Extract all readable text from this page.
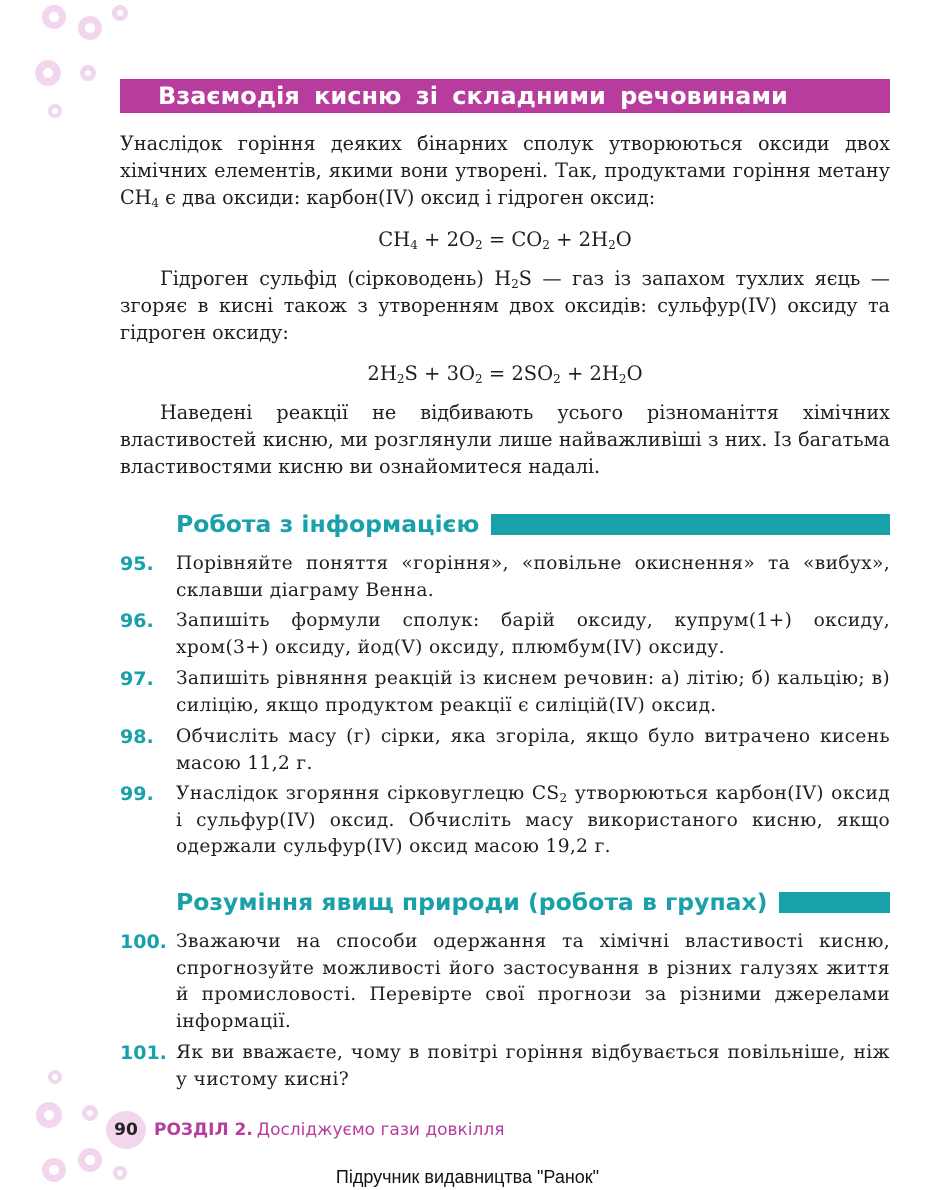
Взаємодія кисню зі складними речовинами

Унаслідок горіння деяких бінарних сполук утворюються оксиди двох хімічних елементів, якими вони утворені. Так, продуктами горіння метану $CH_4$ є два оксиди: карбон(IV) оксид і гідроген оксид:

$CH_4 + 2O_2 = CO_2 + 2H_2O$

Гідроген сульфід (сірководень) $H_2S$ — газ із запахом тухлих яєць — згоряє в кисні також з утворенням двох оксидів: сульфур(IV) оксиду та гідроген оксиду:

$2H_2S + 3O_2 = 2SO_2 + 2H_2O$

Наведені реакції не відбивають усього різноманіття хімічних властивостей кисню, ми розглянули лише найважливіші з них. Із багатьма властивостями кисню ви ознайомитеся надалі.

Робота з інформацією
95.	Порівняйте поняття «горіння», «повільне окиснення» та «вибух», склавши діаграму Венна.
96.	Запишіть формули сполук: барій оксиду, купрум(1+) оксиду, хром(3+) оксиду, йод(V) оксиду, плюмбум(IV) оксиду.
97.	Запишіть рівняння реакцій із киснем речовин: а) літію; б) кальцію; в) силіцію, якщо продуктом реакції є силіцій(IV) оксид.
98.	Обчисліть масу (г) сірки, яка згоріла, якщо було витрачено кисень масою 11,2 г.
99.	Унаслідок згоряння сірковуглецю $CS_2$ утворюються карбон(IV) оксид і сульфур(IV) оксид. Обчисліть масу використаного кисню, якщо одержали сульфур(IV) оксид масою 19,2 г.
Розуміння явищ природи (робота в групах)
100. Зважаючи на способи одержання та хімічні властивості кисню, спрогнозуйте можливості його застосування в різних галузях життя й промисловості. Перевірте свої прогнози за різними джерелами інформації.
101. Як ви вважаєте, чому в повітрі горіння відбувається повільніше, ніж у чистому кисні?
90 РОЗДІЛ 2. Досліджуємо гази довкілля
Підручник видавництва "Ранок"
